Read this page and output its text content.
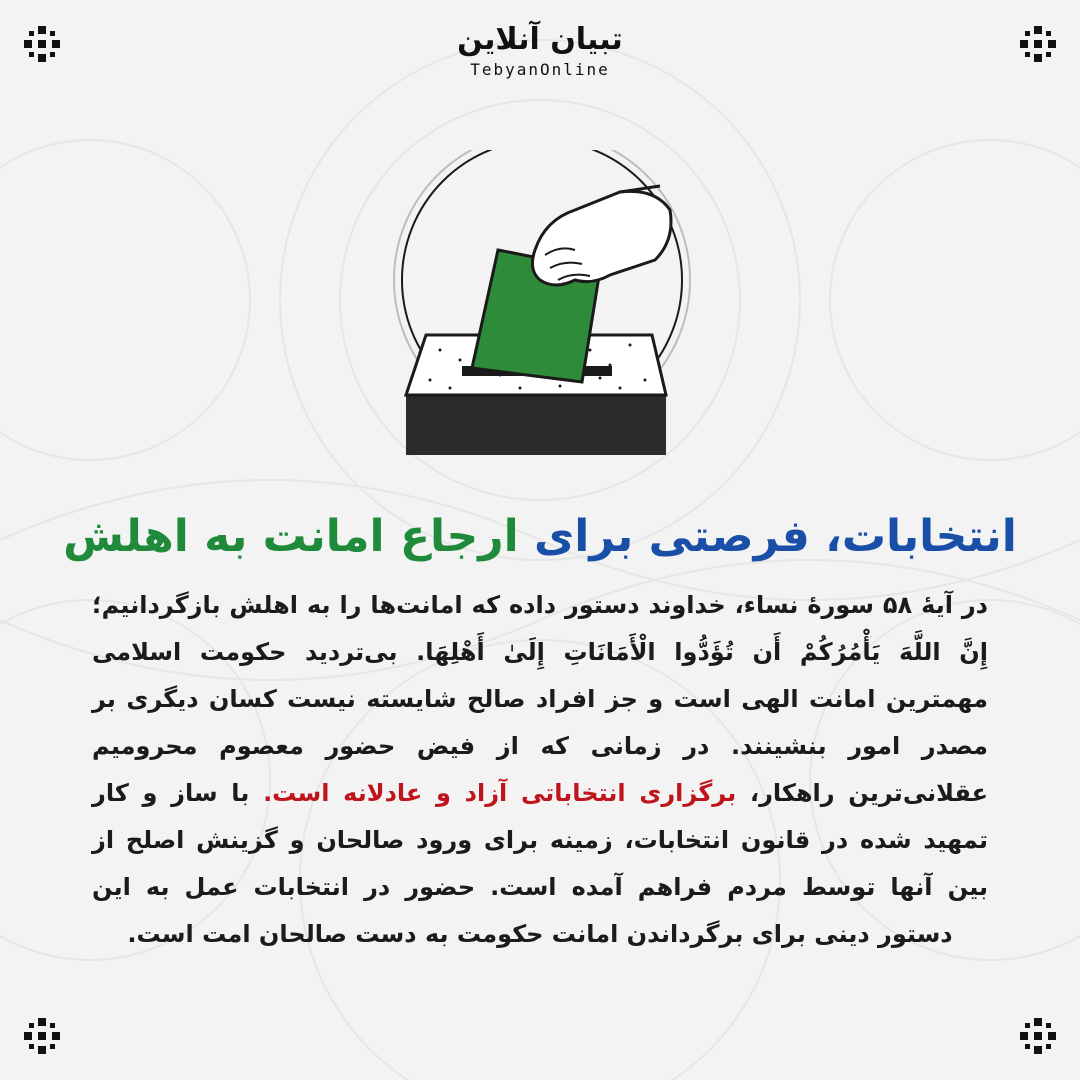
تبیان آنلاین
TebyanOnline
انتخابات، فرصتی برای ارجاع امانت به اهلش
در آیهٔ ۵۸ سورهٔ نساء، خداوند دستور داده که امانت‌ها را به اهلش بازگردانیم؛ إِنَّ اللَّهَ يَأْمُرُكُمْ أَن تُؤَدُّوا الْأَمَانَاتِ إِلَىٰ أَهْلِهَا. بی‌تردید حکومت اسلامی مهمترین امانت الهی است و جز افراد صالح شایسته نیست کسان دیگری بر مصدر امور بنشینند. در زمانی که از فیض حضور معصوم محرومیم عقلانی‌ترین راهکار، برگزاری انتخاباتی آزاد و عادلانه است. با ساز و کار تمهید شده در قانون انتخابات، زمینه برای ورود صالحان و گزینش اصلح از بین آنها توسط مردم فراهم آمده است. حضور در انتخابات عمل به این دستور دینی برای برگرداندن امانت حکومت به دست صالحان امت است.
